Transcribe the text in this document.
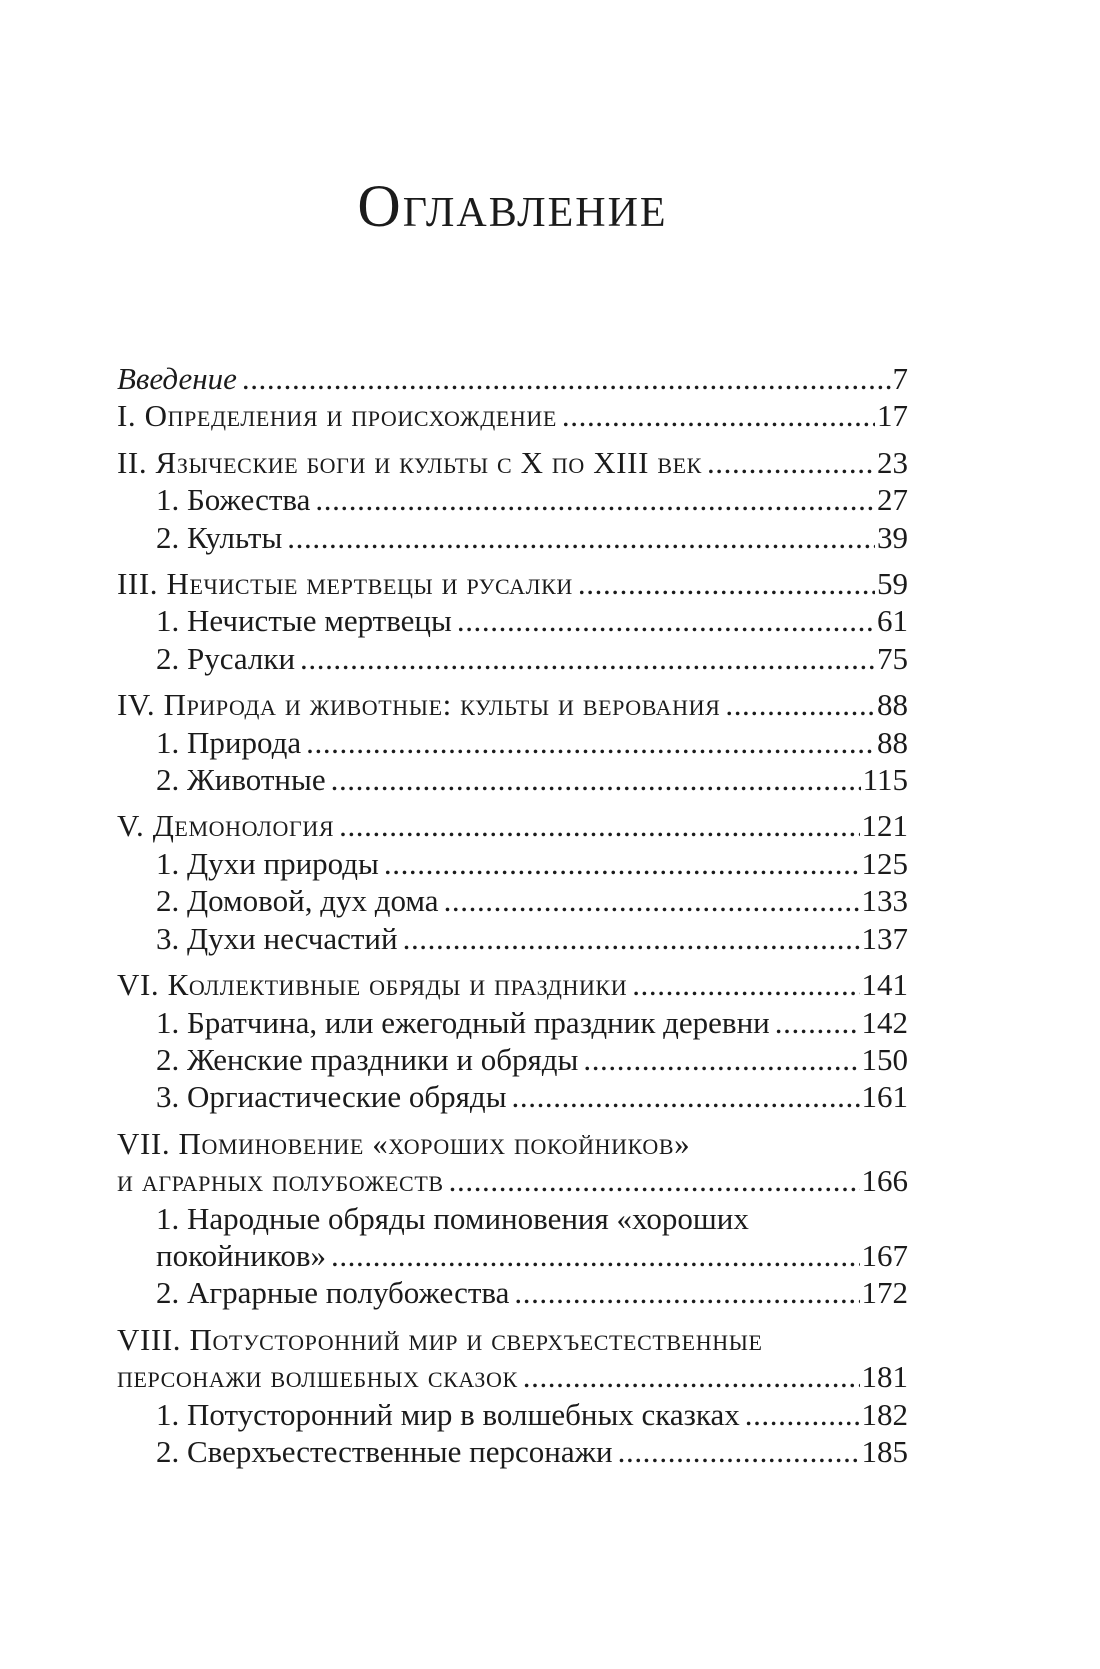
Оглавление
Введение .....	7
I. Определения и происхождение .....	17
II. Языческие боги и культы с X по XIII век .....	23
1. Божества .....	27
2. Культы .....	39
III. Нечистые мертвецы и русалки .....	59
1. Нечистые мертвецы .....	61
2. Русалки .....	75
IV. Природа и животные: культы и верования .....	88
1. Природа .....	88
2. Животные .....	115
V. Демонология .....	121
1. Духи природы .....	125
2. Домовой, дух дома .....	133
3. Духи несчастий .....	137
VI. Коллективные обряды и праздники .....	141
1. Братчина, или ежегодный праздник деревни .....	142
2. Женские праздники и обряды .....	150
3. Оргиастические обряды .....	161
VII. Поминовение «хороших покойников»
и аграрных полубожеств .....	166
1. Народные обряды поминовения «хороших
покойников» .....	167
2. Аграрные полубожества .....	172
VIII. Потусторонний мир и сверхъестественные
персонажи волшебных сказок .....	181
1. Потусторонний мир в волшебных сказках .....	182
2. Сверхъестественные персонажи .....	185
